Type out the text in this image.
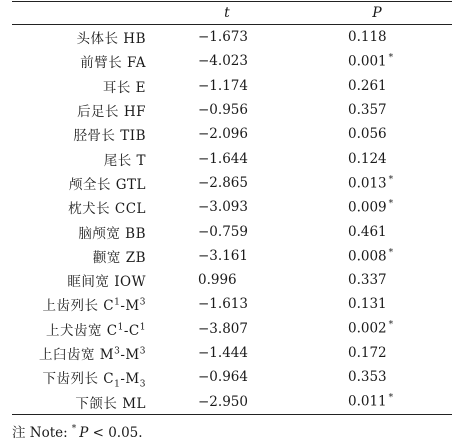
	t	P
头体长 HB	−1.673	0.118
前臂长 FA	−4.023	0.001 *
耳长 E	−1.174	0.261
后足长 HF	−0.956	0.357
胫骨长 TIB	−2.096	0.056
尾长 T	−1.644	0.124
颅全长 GTL	−2.865	0.013 *
枕犬长 CCL	−3.093	0.009 *
脑颅宽 BB	−0.759	0.461
颧宽 ZB	−3.161	0.008 *
眶间宽 IOW	0.996	0.337
上齿列长 $C^1-M^3$	−1.613	0.131
上犬齿宽 $C^1-C^1$	−3.807	0.002 *
上臼齿宽 $M^3-M^3$	−1.444	0.172
下齿列长 $C_1-M_3$	−0.964	0.353
下颌长 ML	−2.950	0.011 *
注 Note: * P < 0.05.
